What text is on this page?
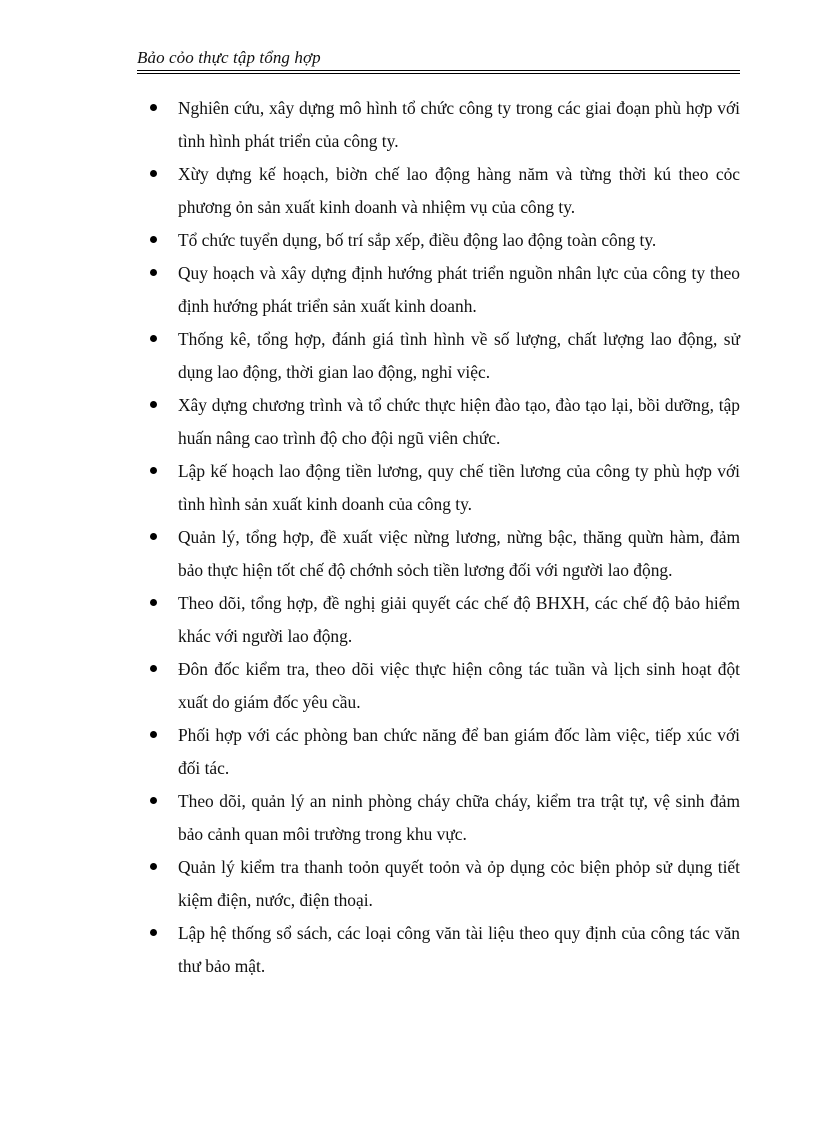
Bảo cỏo thực tập tổng hợp
Nghiên cứu, xây dựng mô hình tổ chức công ty trong các giai đoạn phù hợp với tình hình phát triển của công ty.
Xừy dựng kế hoạch, biờn chế lao động hàng năm và từng thời kú theo cỏc phương ỏn sản xuất kinh doanh và nhiệm vụ của công ty.
Tổ chức tuyển dụng, bố trí sắp xếp, điều động lao động toàn công ty.
Quy hoạch và xây dựng định hướng phát triển nguồn nhân lực của công ty theo định hướng phát triển sản xuất kinh doanh.
Thống kê, tổng hợp, đánh giá tình hình về số lượng, chất lượng lao động, sử dụng lao động, thời gian lao động, nghỉ việc.
Xây dựng chương trình và tổ chức thực hiện đào tạo, đào tạo lại, bồi dưỡng, tập huấn nâng cao trình độ cho đội ngũ viên chức.
Lập kế hoạch lao động tiền lương, quy chế tiền lương của công ty phù hợp với tình hình sản xuất kinh doanh của công ty.
Quản lý, tổng hợp, đề xuất việc nừng lương, nừng bậc, thăng quừn hàm, đảm bảo thực hiện tốt chế độ chớnh sỏch tiền lương đối với người lao động.
Theo dõi, tổng hợp, đề nghị giải quyết các chế độ BHXH, các chế độ bảo hiểm khác với người lao động.
Đôn đốc kiểm tra, theo dõi việc thực hiện công tác tuần và lịch sinh hoạt đột xuất do giám đốc yêu cầu.
Phối hợp với các phòng ban chức năng để ban giám đốc làm việc, tiếp xúc với đối tác.
Theo dõi, quản lý an ninh phòng cháy chữa cháy, kiểm tra trật tự, vệ sinh đảm bảo cảnh quan môi trường trong khu vực.
Quản lý kiểm tra thanh toỏn quyết toỏn và ỏp dụng cỏc biện phỏp sử dụng tiết kiệm điện, nước, điện thoại.
Lập hệ thống sổ sách, các loại công văn tài liệu theo quy định của công tác văn thư bảo mật.
